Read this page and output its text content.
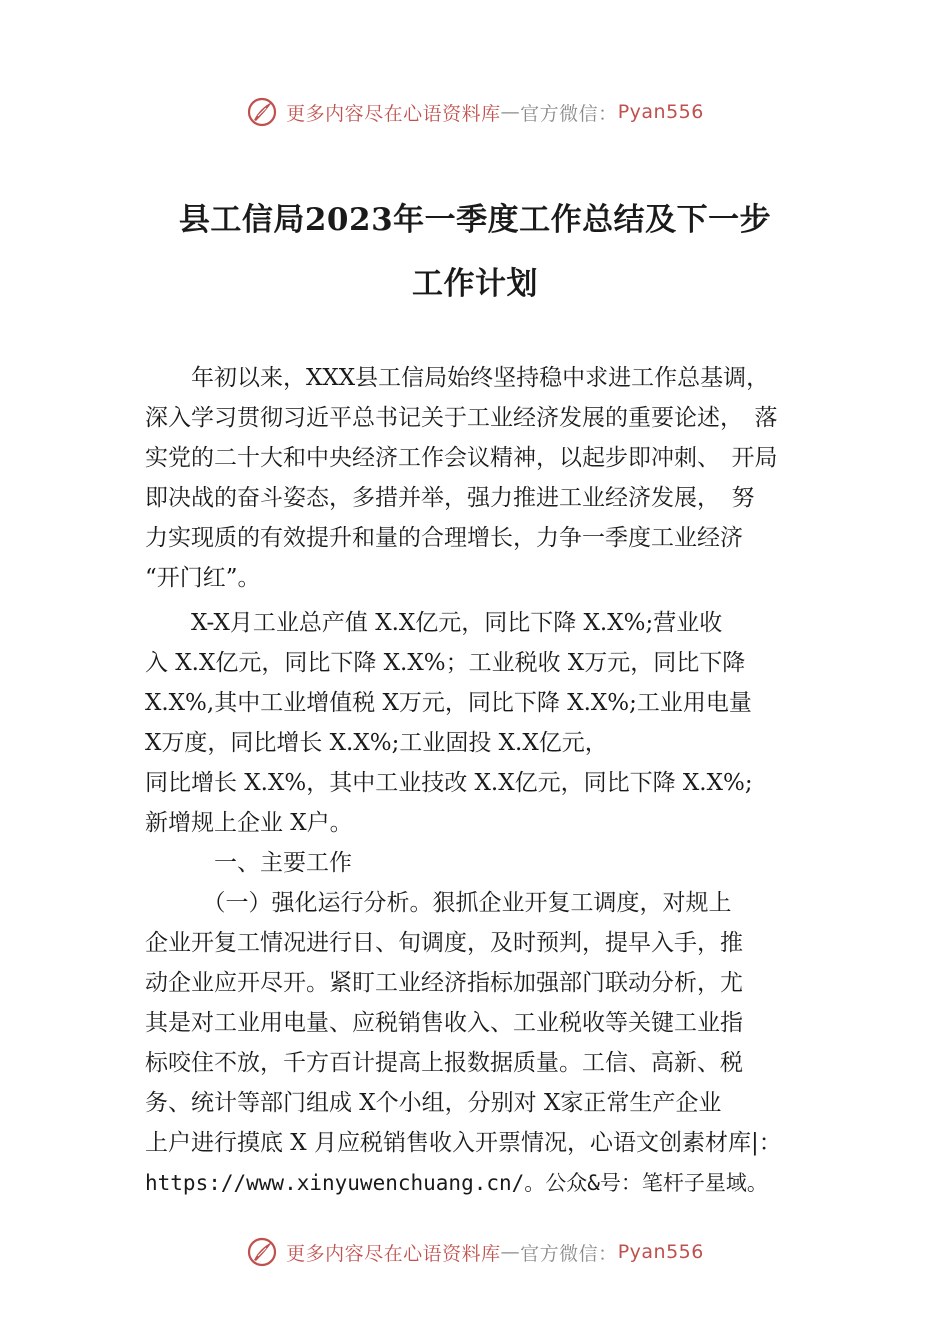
更多内容尽在心语资料库 — 官方微信： Pyan556
县工信局2023年一季度工作总结及下一步
工作计划
　　年初以来，XXX县工信局始终坚持稳中求进工作总基调，
深入学习贯彻习近平总书记关于工业经济发展的重要论述，　落
实党的二十大和中央经济工作会议精神，以起步即冲刺、　开局
即决战的奋斗姿态，多措并举，强力推进工业经济发展，　努
力实现质的有效提升和量的合理增长，力争一季度工业经济
“开门红”。
　　X-X月工业总产值 X.X亿元，同比下降 X.X%;营业收
入 X.X亿元，同比下降 X.X%；工业税收 X万元，同比下降
X.X%,其中工业增值税 X万元，同比下降 X.X%;工业用电量
X万度，同比增长 X.X%;工业固投 X.X亿元，
同比增长 X.X%，其中工业技改 X.X亿元，同比下降 X.X%;
新增规上企业 X户。
　　　一、主要工作
　　　（一）强化运行分析。狠抓企业开复工调度，对规上
企业开复工情况进行日、旬调度，及时预判，提早入手，推
动企业应开尽开。紧盯工业经济指标加强部门联动分析，尤
其是对工业用电量、应税销售收入、工业税收等关键工业指
标咬住不放，千方百计提高上报数据质量。工信、高新、税
务、统计等部门组成 X个小组，分别对 X家正常生产企业
上户进行摸底 X 月应税销售收入开票情况，心语文创素材库|：
https://www.xinyuwenchuang.cn/。公众&号：笔杆子星域。
更多内容尽在心语资料库 — 官方微信： Pyan556
